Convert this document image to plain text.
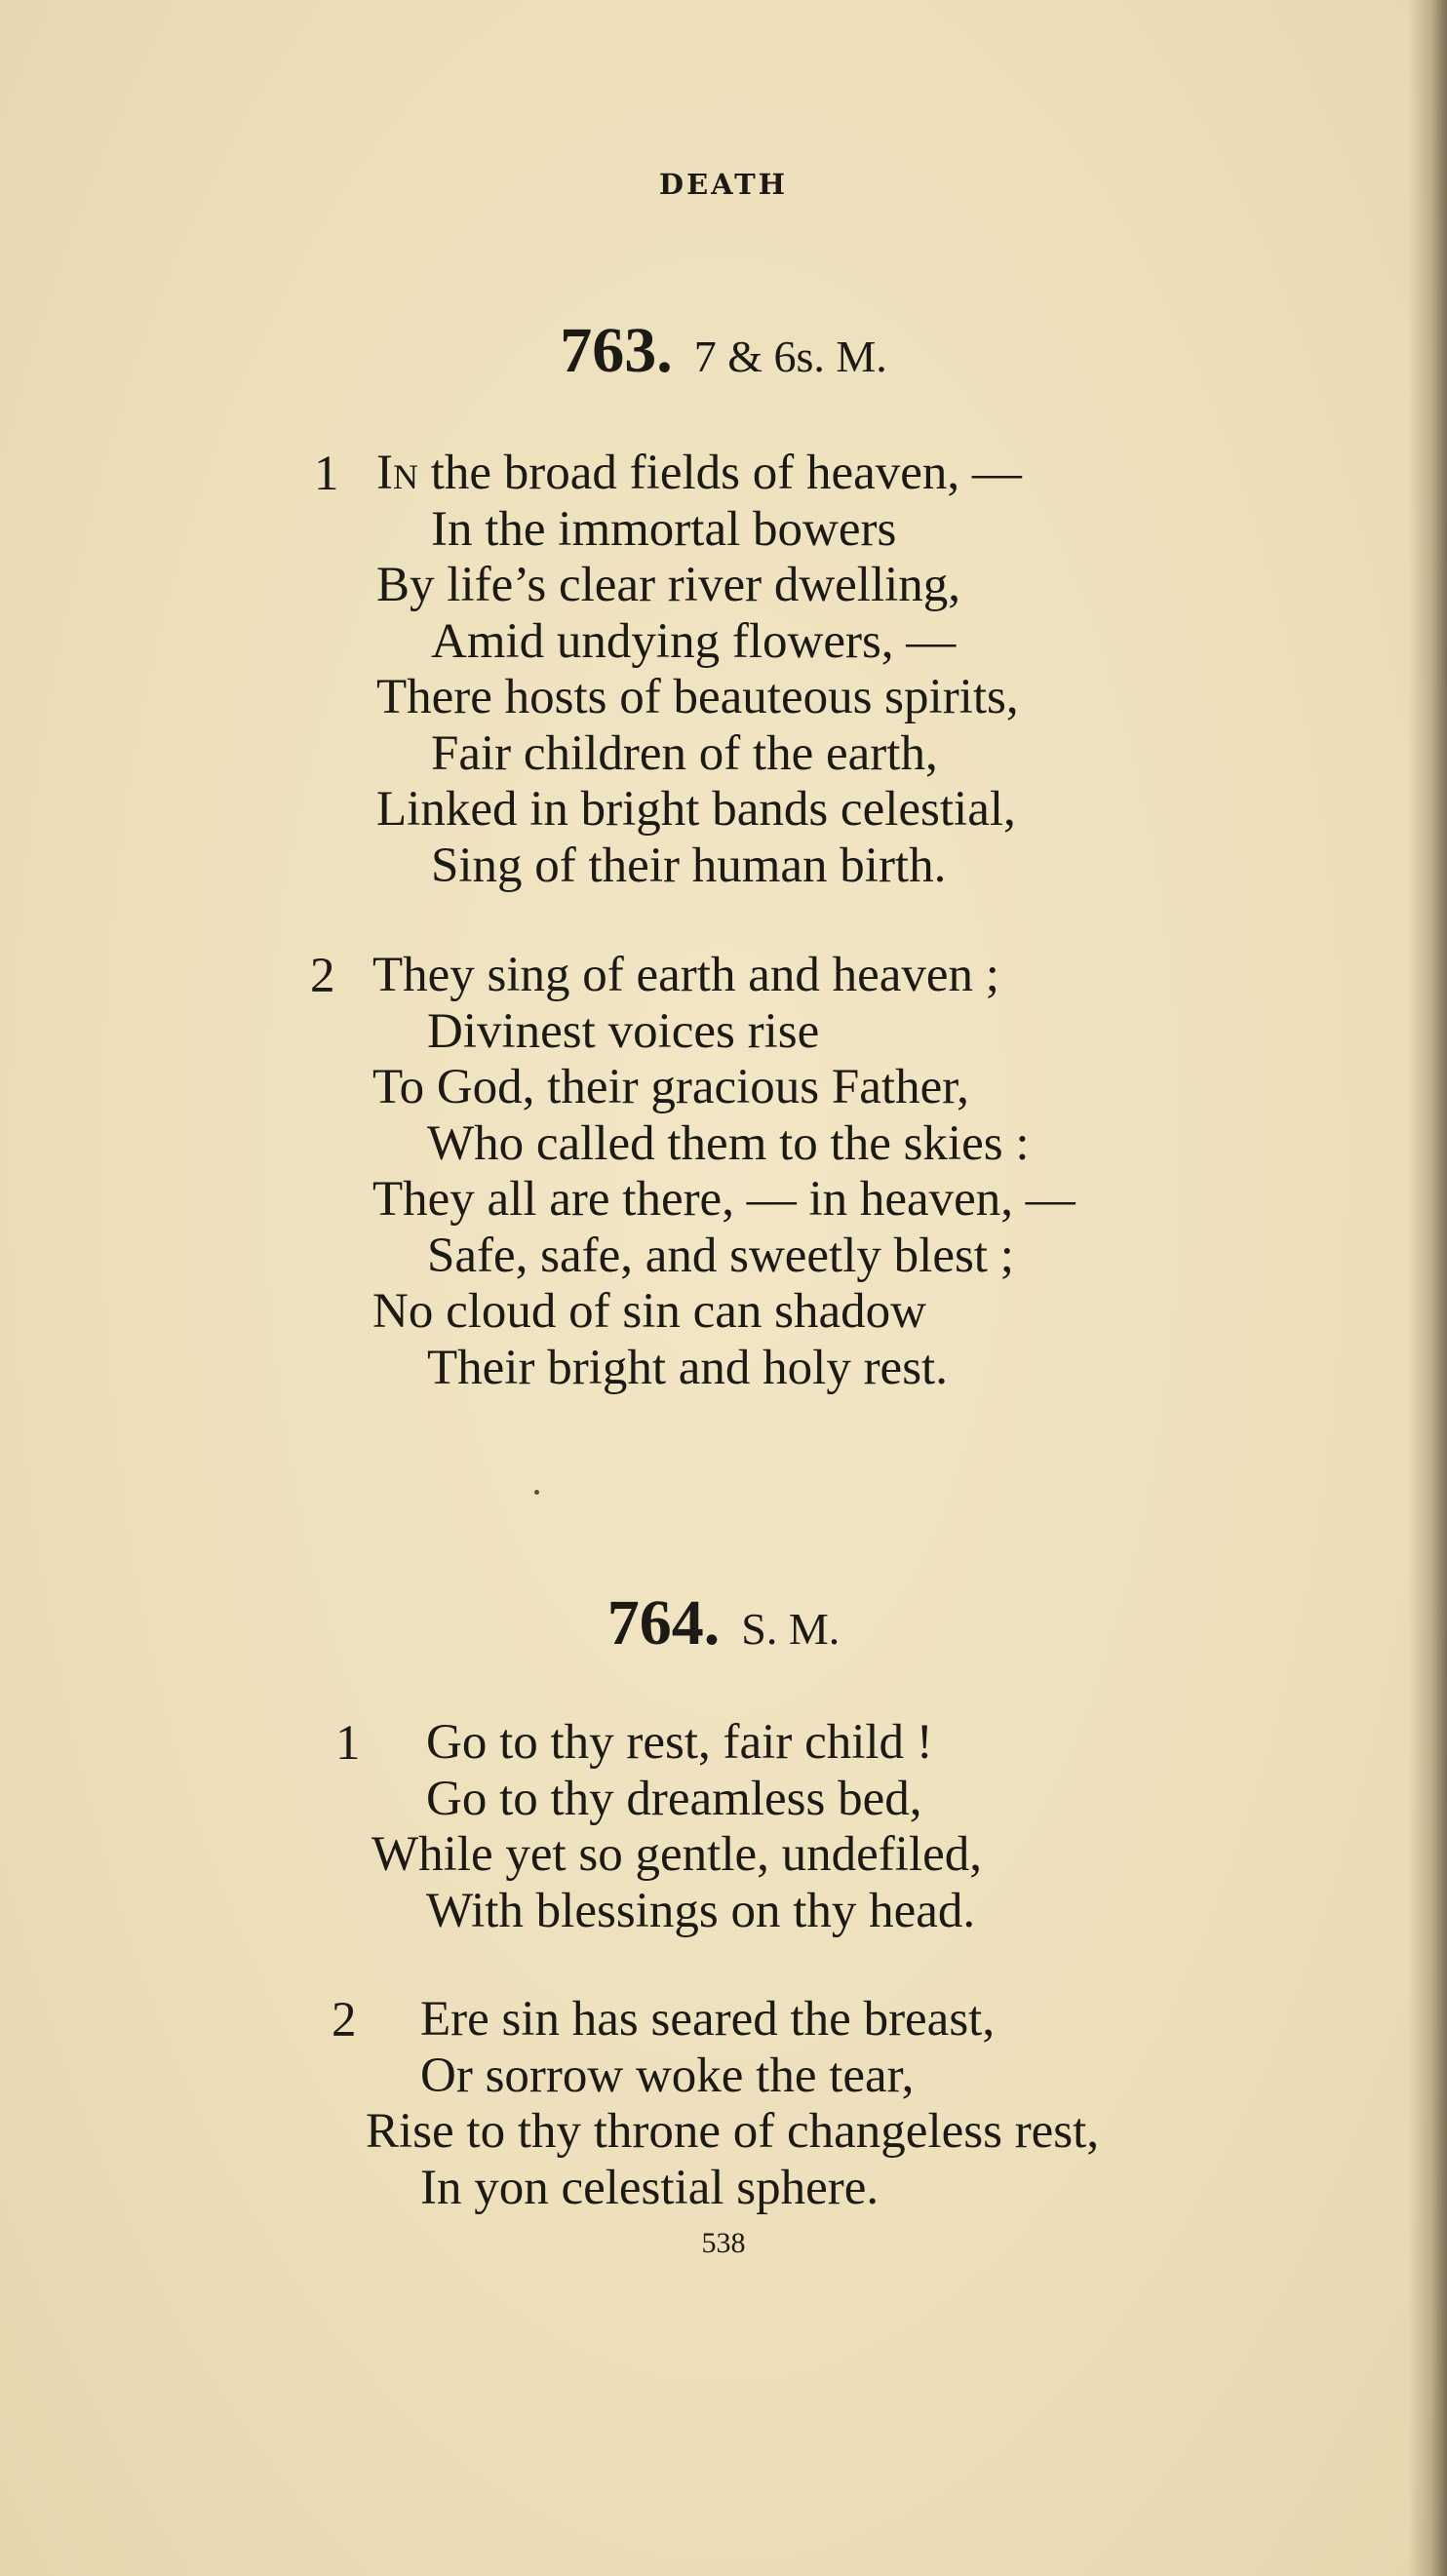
DEATH
763. 7 & 6s. M.
1 In the broad fields of heaven, —
In the immortal bowers
By life’s clear river dwelling,
Amid undying flowers, —
There hosts of beauteous spirits,
Fair children of the earth,
Linked in bright bands celestial,
Sing of their human birth.
2 They sing of earth and heaven ;
Divinest voices rise
To God, their gracious Father,
Who called them to the skies :
They all are there, — in heaven, —
Safe, safe, and sweetly blest ;
No cloud of sin can shadow
Their bright and holy rest.
764. S. M.
1	Go to thy rest, fair child !
Go to thy dreamless bed,
While yet so gentle, undefiled,
With blessings on thy head.
2	Ere sin has seared the breast,
Or sorrow woke the tear,
Rise to thy throne of changeless rest,
In yon celestial sphere.
538
